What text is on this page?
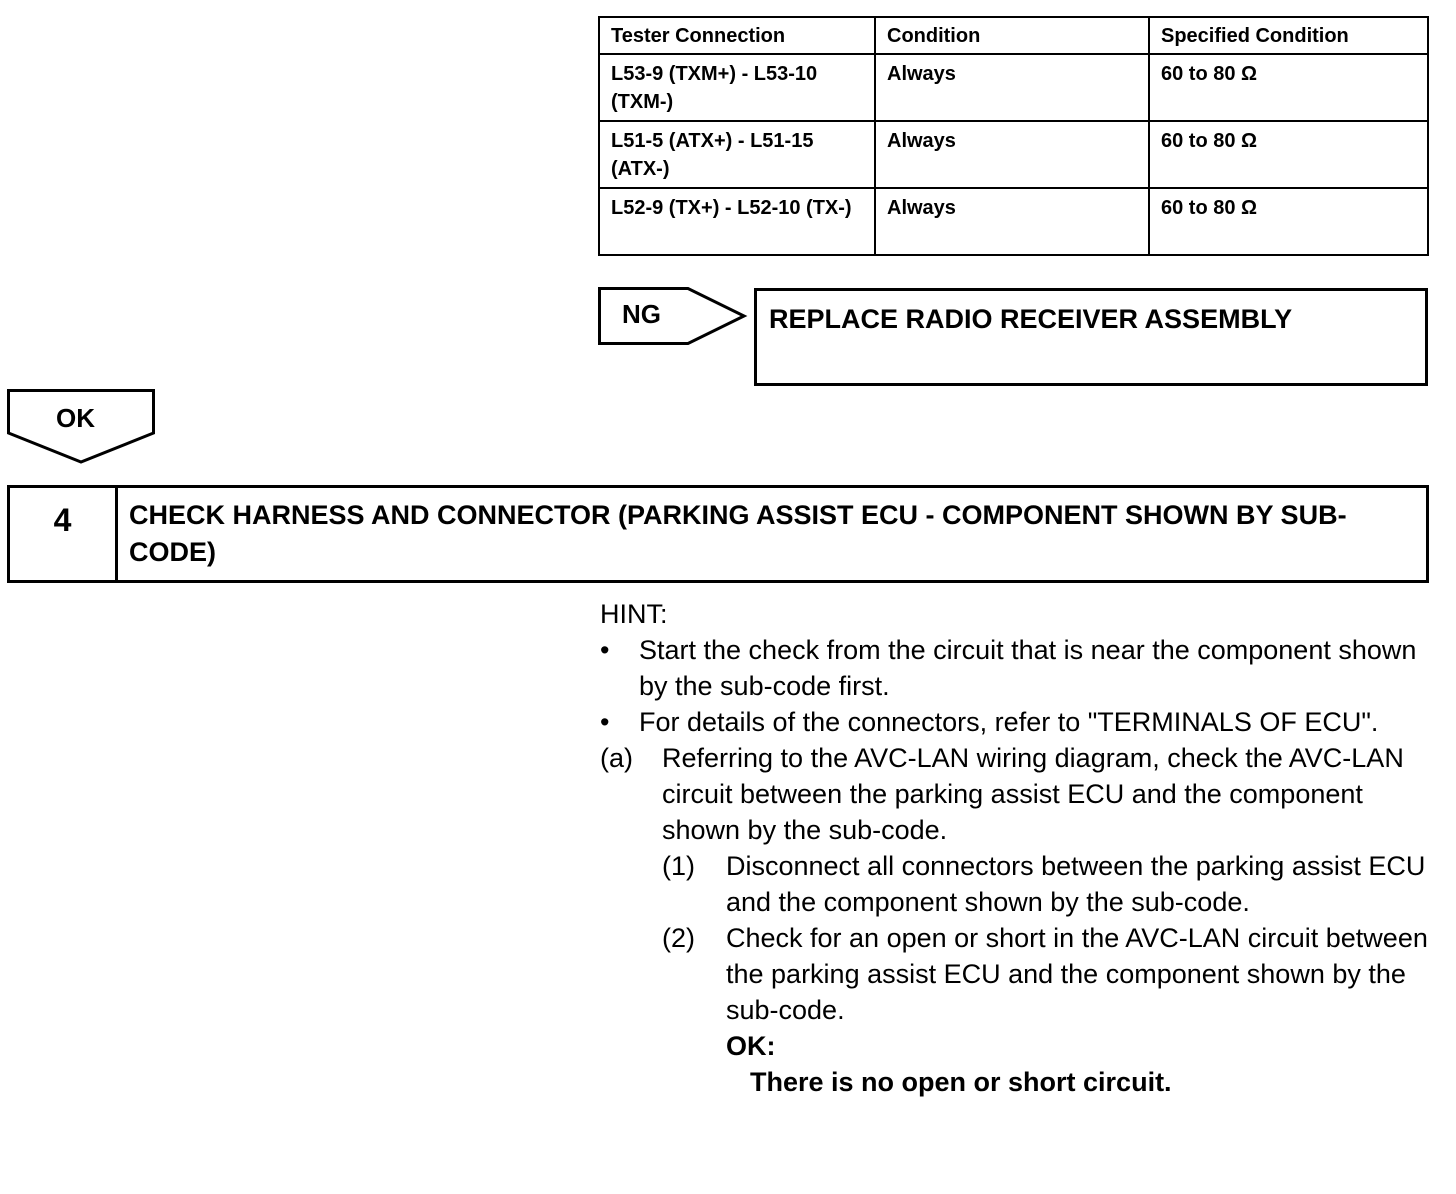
Tester Connection	Condition	Specified Condition
L53-9 (TXM+) - L53-10 (TXM-)	Always	60 to 80 Ω
L51-5 (ATX+) - L51-15 (ATX-)	Always	60 to 80 Ω
L52-9 (TX+) - L52-10 (TX-)	Always	60 to 80 Ω
NG	REPLACE RADIO RECEIVER ASSEMBLY
OK
4	CHECK HARNESS AND CONNECTOR (PARKING ASSIST ECU - COMPONENT SHOWN BY SUB-CODE)
HINT:
• Start the check from the circuit that is near the component shown by the sub-code first.
• For details of the connectors, refer to "TERMINALS OF ECU".
(a) Referring to the AVC-LAN wiring diagram, check the AVC-LAN circuit between the parking assist ECU and the component shown by the sub-code.
(1) Disconnect all connectors between the parking assist ECU and the component shown by the sub-code.
(2) Check for an open or short in the AVC-LAN circuit between the parking assist ECU and the component shown by the sub-code.
OK:
There is no open or short circuit.
